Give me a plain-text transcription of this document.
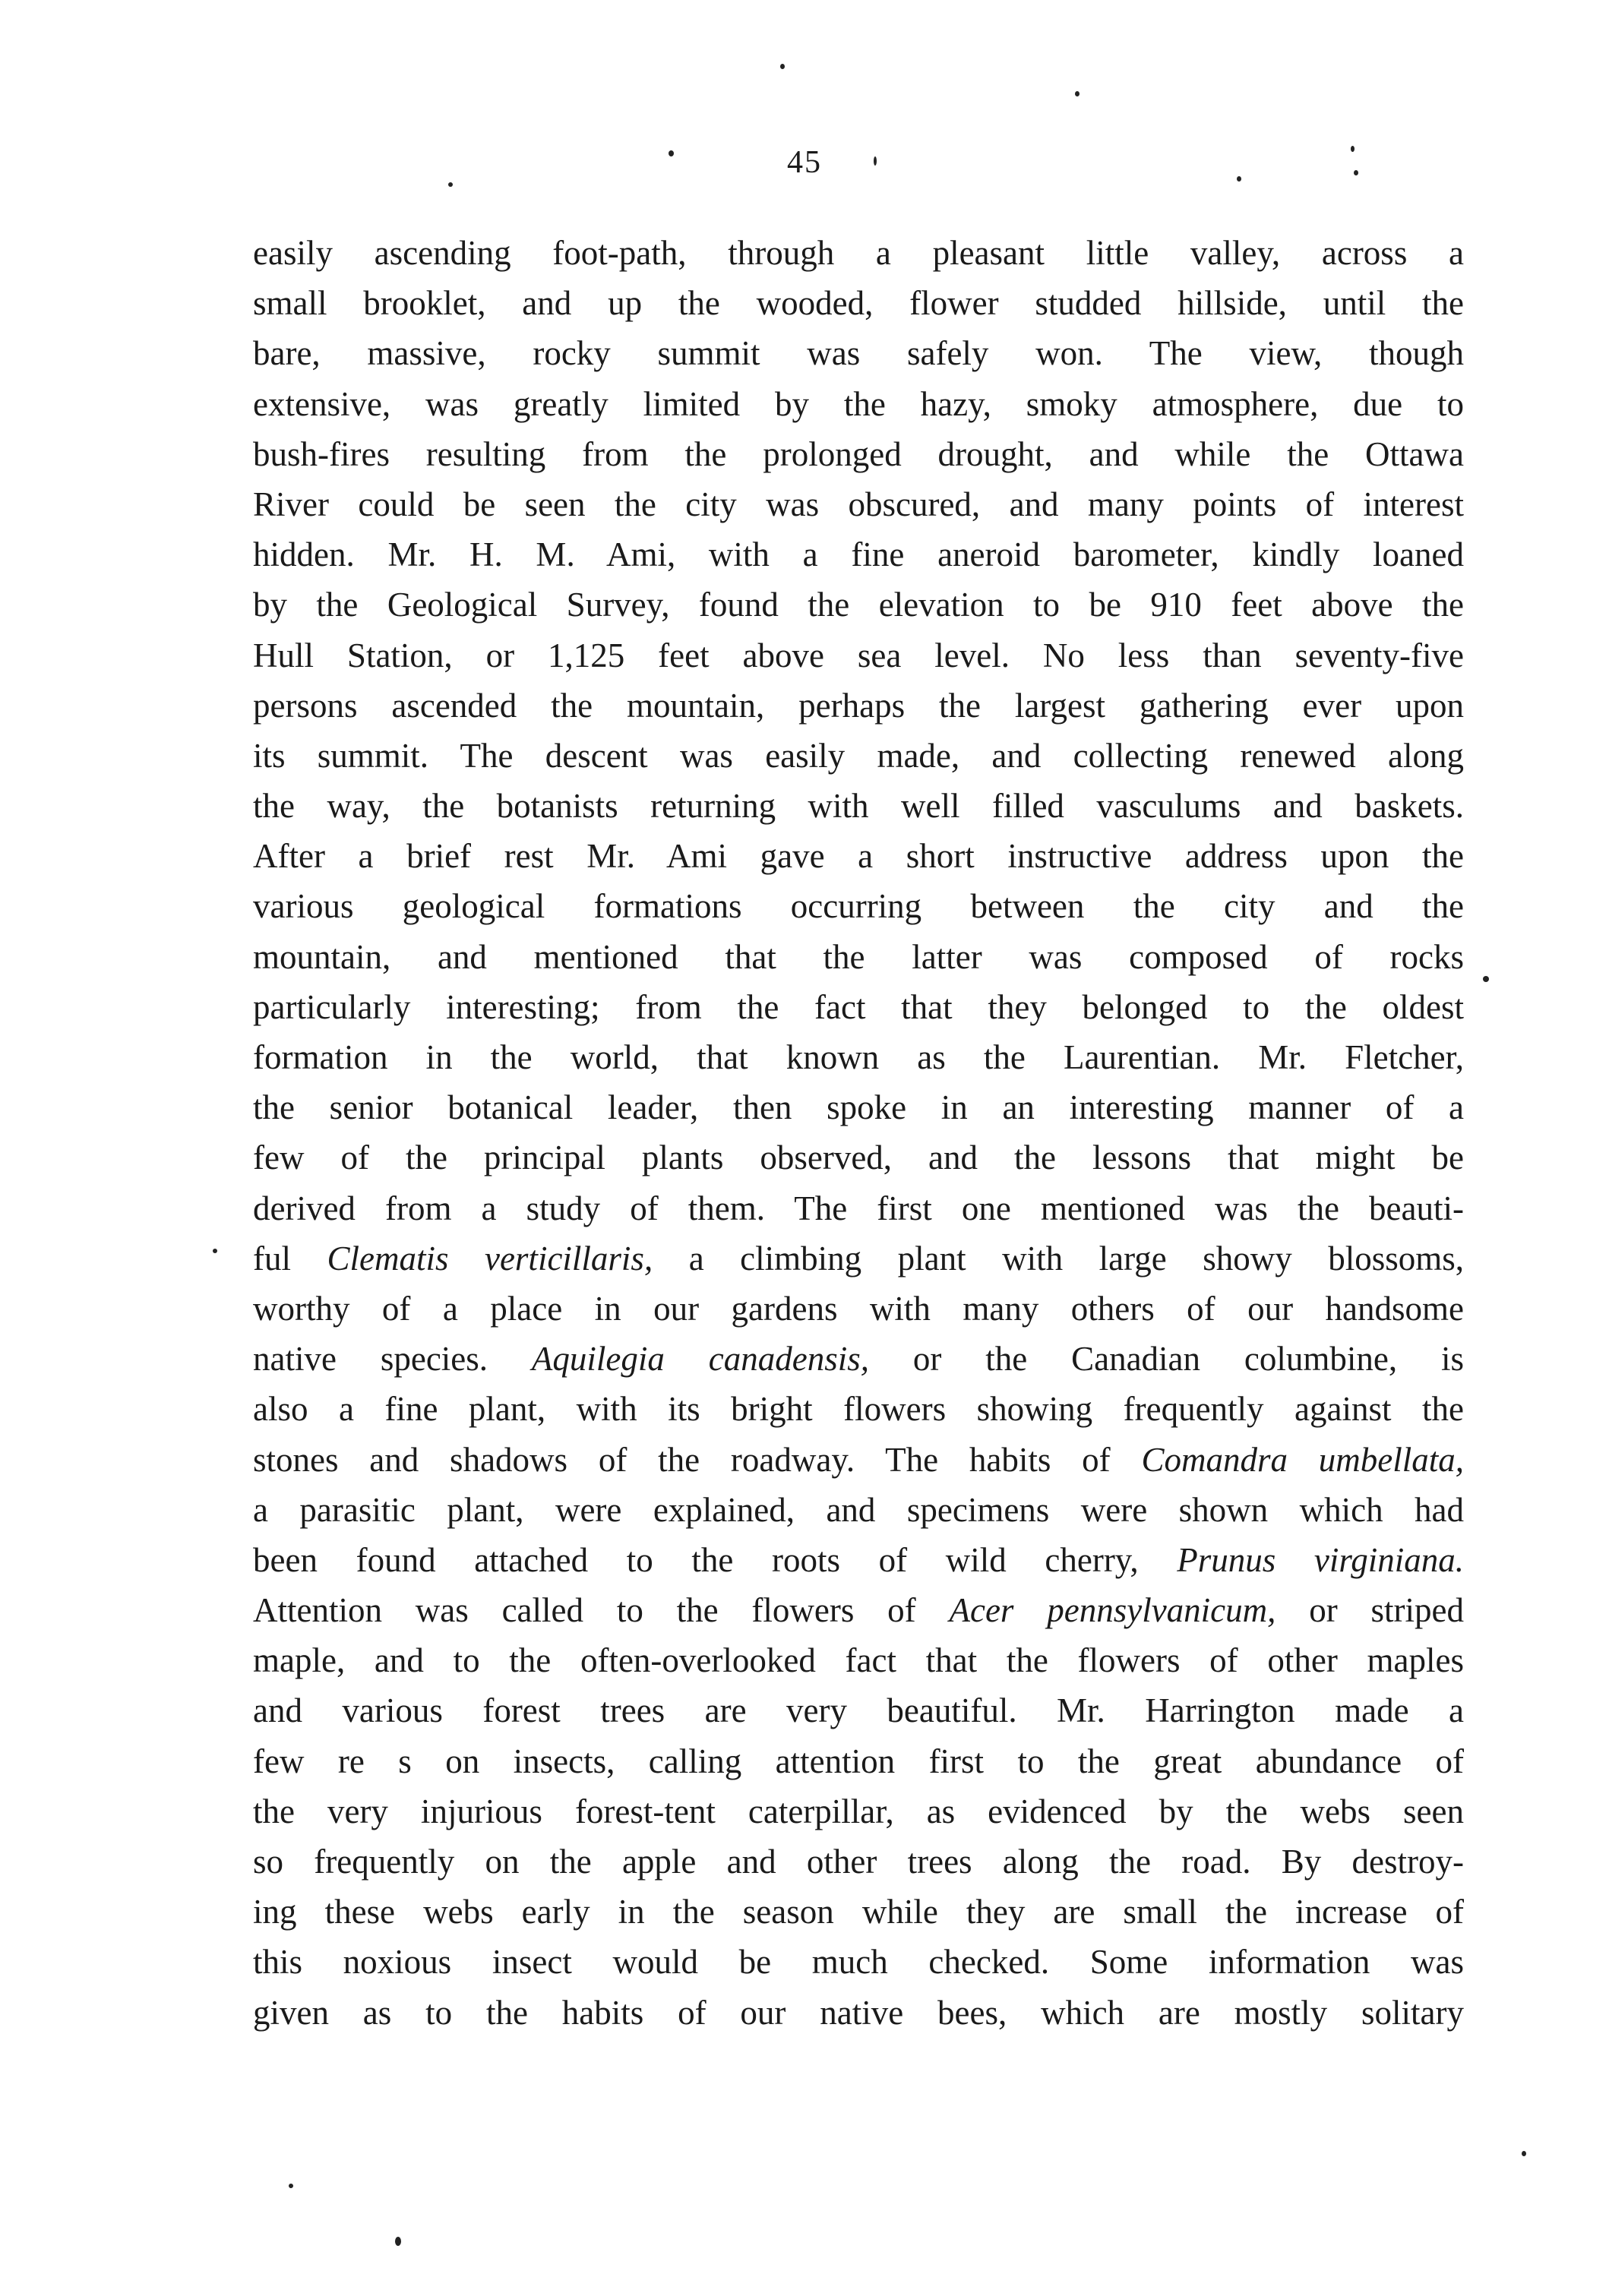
45
easily ascending foot-path, through a pleasant little valley, across a
small brooklet, and up the wooded, flower studded hillside, until the
bare, massive, rocky summit was safely won. The view, though
extensive, was greatly limited by the hazy, smoky atmosphere, due to
bush-fires resulting from the prolonged drought, and while the Ottawa
River could be seen the city was obscured, and many points of interest
hidden. Mr. H. M. Ami, with a fine aneroid barometer, kindly loaned
by the Geological Survey, found the elevation to be 910 feet above the
Hull Station, or 1,125 feet above sea level. No less than seventy-five
persons ascended the mountain, perhaps the largest gathering ever upon
its summit. The descent was easily made, and collecting renewed along
the way, the botanists returning with well filled vasculums and baskets.
After a brief rest Mr. Ami gave a short instructive address upon the
various geological formations occurring between the city and the
mountain, and mentioned that the latter was composed of rocks
particularly interesting; from the fact that they belonged to the oldest
formation in the world, that known as the Laurentian. Mr. Fletcher,
the senior botanical leader, then spoke in an interesting manner of a
few of the principal plants observed, and the lessons that might be
derived from a study of them. The first one mentioned was the beauti-
ful Clematis verticillaris, a climbing plant with large showy blossoms,
worthy of a place in our gardens with many others of our handsome
native species. Aquilegia canadensis, or the Canadian columbine, is
also a fine plant, with its bright flowers showing frequently against the
stones and shadows of the roadway. The habits of Comandra umbellata,
a parasitic plant, were explained, and specimens were shown which had
been found attached to the roots of wild cherry, Prunus virginiana.
Attention was called to the flowers of Acer pennsylvanicum, or striped
maple, and to the often-overlooked fact that the flowers of other maples
and various forest trees are very beautiful. Mr. Harrington made a
few re s on insects, calling attention first to the great abundance of
the very injurious forest-tent caterpillar, as evidenced by the webs seen
so frequently on the apple and other trees along the road. By destroy-
ing these webs early in the season while they are small the increase of
this noxious insect would be much checked. Some information was
given as to the habits of our native bees, which are mostly solitary
